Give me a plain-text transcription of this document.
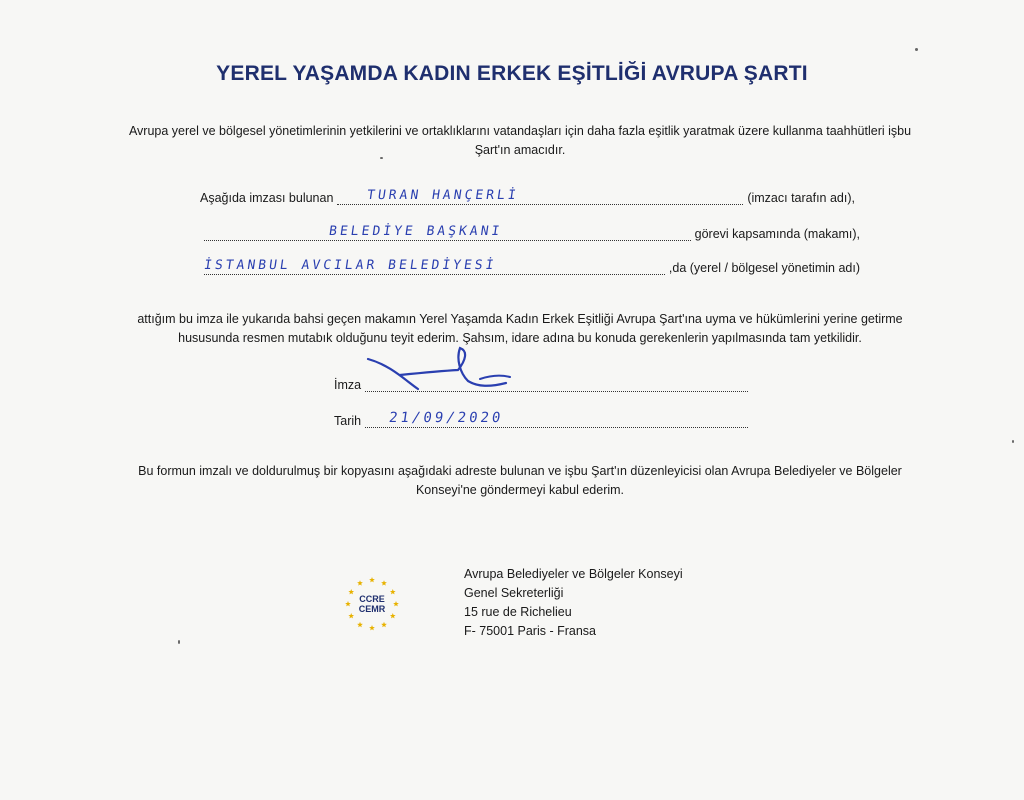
YEREL YAŞAMDA KADIN ERKEK EŞİTLİĞİ AVRUPA ŞARTI
Avrupa yerel ve bölgesel yönetimlerinin yetkilerini ve ortaklıklarını vatandaşları için daha fazla eşitlik yaratmak üzere kullanma taahhütleri işbu Şart'ın amacıdır.
Aşağıda imzası bulunan	TURAN HANÇERLİ	(imzacı tarafın adı),
BELEDİYE BAŞKANI	görevi kapsamında (makamı),
İSTANBUL AVCILAR BELEDİYESİ	,da (yerel / bölgesel yönetimin adı)
attığım bu imza ile yukarıda bahsi geçen makamın Yerel Yaşamda Kadın Erkek Eşitliği Avrupa Şart'ına uyma ve hükümlerini yerine getirme hususunda resmen mutabık olduğunu teyit ederim. Şahsım, idare adına bu konuda gerekenlerin yapılmasında tam yetkilidir.
İmza
Tarih 21/09/2020
Bu formun imzalı ve doldurulmuş bir kopyasını aşağıdaki adreste bulunan ve işbu Şart'ın düzenleyicisi olan Avrupa Belediyeler ve Bölgeler Konseyi'ne göndermeyi kabul ederim.
CCRE
CEMR
Avrupa Belediyeler ve Bölgeler Konseyi
Genel Sekreterliği
15 rue de Richelieu
F- 75001 Paris - Fransa
